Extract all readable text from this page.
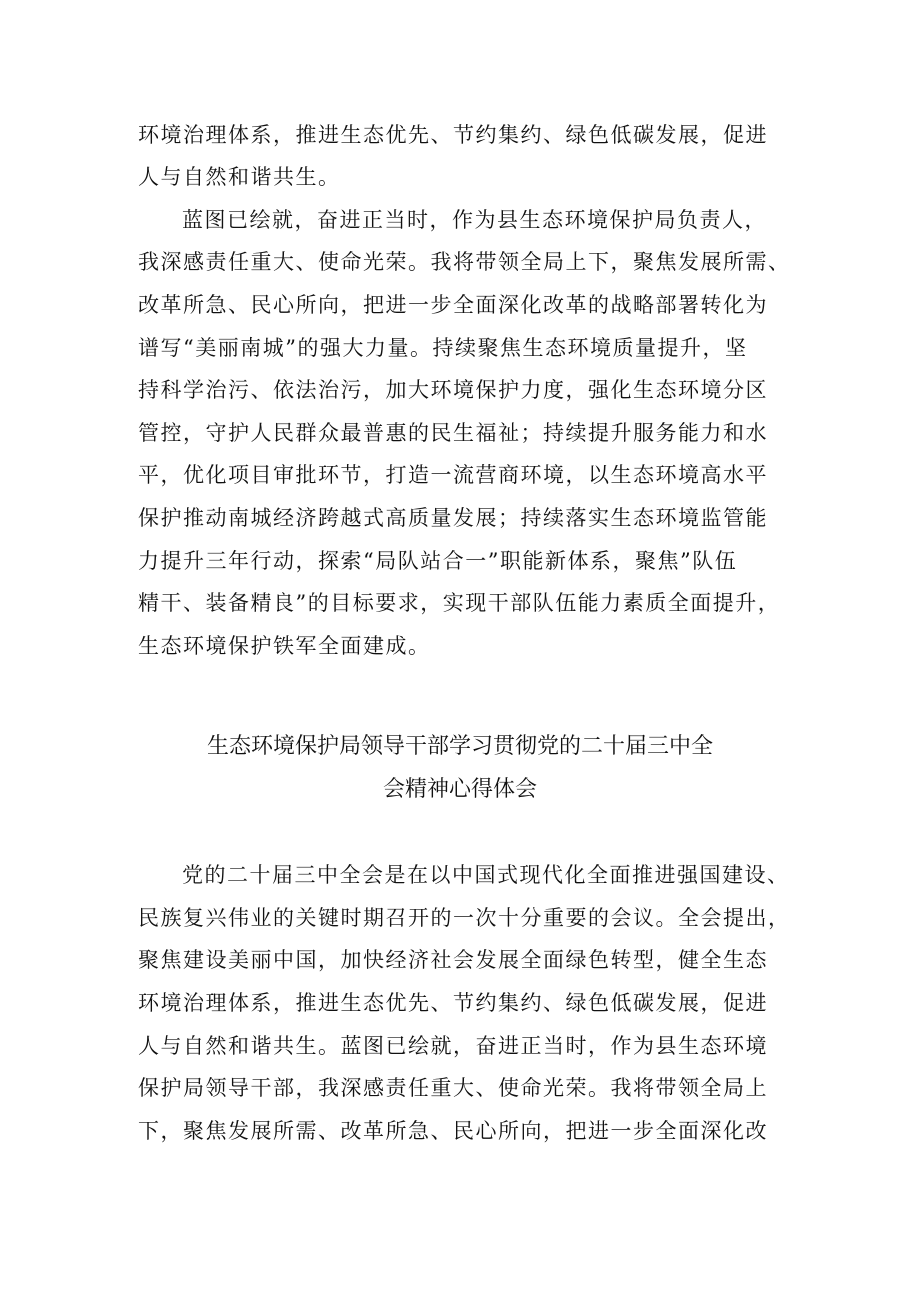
环境治理体系，推进生态优先、节约集约、绿色低碳发展，促进

人与自然和谐共生。

蓝图已绘就，奋进正当时，作为县生态环境保护局负责人，

我深感责任重大、使命光荣。我将带领全局上下，聚焦发展所需、

改革所急、民心所向，把进一步全面深化改革的战略部署转化为

谱写“美丽南城”的强大力量。持续聚焦生态环境质量提升，坚

持科学治污、依法治污，加大环境保护力度，强化生态环境分区

管控，守护人民群众最普惠的民生福祉；持续提升服务能力和水

平，优化项目审批环节，打造一流营商环境，以生态环境高水平

保护推动南城经济跨越式高质量发展；持续落实生态环境监管能

力提升三年行动，探索“局队站合一”职能新体系，聚焦”队伍

精干、装备精良”的目标要求，实现干部队伍能力素质全面提升，

生态环境保护铁军全面建成。

生态环境保护局领导干部学习贯彻党的二十届三中全
会精神心得体会

党的二十届三中全会是在以中国式现代化全面推进强国建设、

民族复兴伟业的关键时期召开的一次十分重要的会议。全会提出，

聚焦建设美丽中国，加快经济社会发展全面绿色转型，健全生态

环境治理体系，推进生态优先、节约集约、绿色低碳发展，促进

人与自然和谐共生。蓝图已绘就，奋进正当时，作为县生态环境

保护局领导干部，我深感责任重大、使命光荣。我将带领全局上

下，聚焦发展所需、改革所急、民心所向，把进一步全面深化改
